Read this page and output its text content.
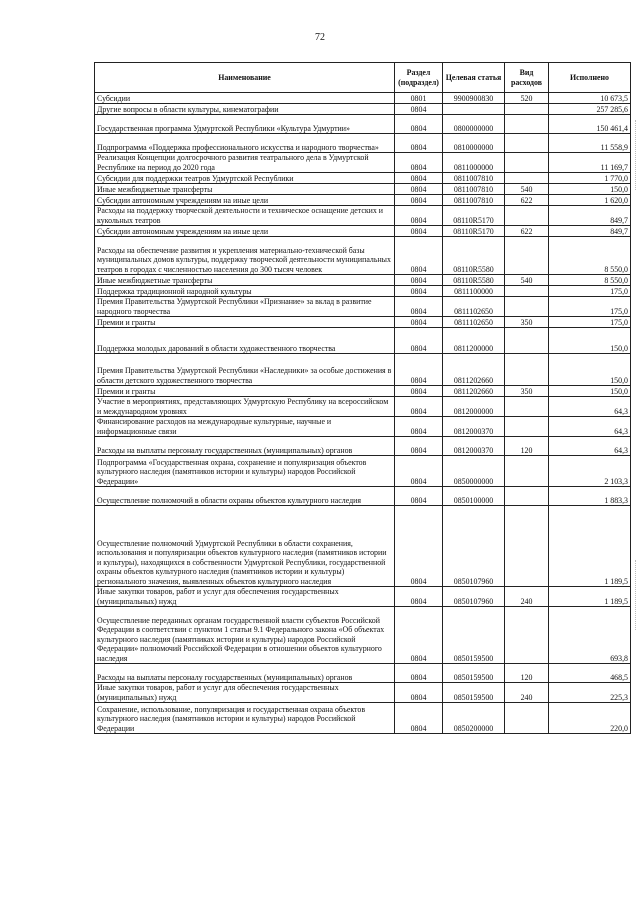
72
Наименование	Раздел (подраздел)	Целевая статья	Вид расходов	Исполнено
Субсидии	0801	9900900830	520	10 673,5
Другие вопросы в области культуры, кинематографии	0804			257 285,6
Государственная программа Удмуртской Республики «Культура Удмуртии»	0804	0800000000		150 461,4
Подпрограмма «Поддержка профессионального искусства и народного творчества»	0804	0810000000		11 558,9
Реализация Концепции долгосрочного развития театрального дела в Удмуртской Республике на период до 2020 года	0804	0811000000		11 169,7
Субсидии для поддержки театров Удмуртской Республики	0804	0811007810		1 770,0
Иные межбюджетные трансферты	0804	0811007810	540	150,0
Субсидии автономным учреждениям на иные цели	0804	0811007810	622	1 620,0
Расходы на поддержку творческой деятельности и техническое оснащение детских и кукольных театров	0804	08110R5170		849,7
Субсидии автономным учреждениям на иные цели	0804	08110R5170	622	849,7
Расходы на обеспечение развития и укрепления материально-технической базы муниципальных домов культуры, поддержку творческой деятельности муниципальных театров в городах с численностью населения до 300 тысяч человек	0804	08110R5580		8 550,0
Иные межбюджетные трансферты	0804	08110R5580	540	8 550,0
Поддержка традиционной народной культуры	0804	0811100000		175,0
Премия Правительства Удмуртской Республики «Признание» за вклад в развитие народного творчества	0804	0811102650		175,0
Премии и гранты	0804	0811102650	350	175,0
Поддержка молодых дарований в области художественного творчества	0804	0811200000		150,0
Премия Правительства Удмуртской Республики «Наследники» за особые достижения в области детского художественного творчества	0804	0811202660		150,0
Премии и гранты	0804	0811202660	350	150,0
Участие в мероприятиях, представляющих Удмуртскую Республику на всероссийском и международном уровнях	0804	0812000000		64,3
Финансирование расходов на международные культурные, научные и информационные связи	0804	0812000370		64,3
Расходы на выплаты персоналу государственных (муниципальных) органов	0804	0812000370	120	64,3
Подпрограмма «Государственная охрана, сохранение и популяризация объектов культурного наследия (памятников истории и культуры) народов Российской Федерации»	0804	0850000000		2 103,3
Осуществление полномочий в области охраны объектов культурного наследия	0804	0850100000		1 883,3
Осуществление полномочий Удмуртской Республики в области сохранения, использования и популяризации объектов культурного наследия (памятников истории и культуры), находящихся в собственности Удмуртской Республики, государственной охраны объектов культурного наследия (памятников истории и культуры) регионального значения, выявленных объектов культурного наследия	0804	0850107960		1 189,5
Иные закупки товаров, работ и услуг для обеспечения государственных (муниципальных) нужд	0804	0850107960	240	1 189,5
Осуществление переданных органам государственной власти субъектов Российской Федерации в соответствии с пунктом 1 статьи 9.1 Федерального закона «Об объектах культурного наследия (памятниках истории и культуры) народов Российской Федерации» полномочий Российской Федерации в отношении объектов культурного наследия	0804	0850159500		693,8
Расходы на выплаты персоналу государственных (муниципальных) органов	0804	0850159500	120	468,5
Иные закупки товаров, работ и услуг для обеспечения государственных (муниципальных) нужд	0804	0850159500	240	225,3
Сохранение, использование, популяризация и государственная охрана объектов культурного наследия (памятников истории и культуры) народов Российской Федерации	0804	0850200000		220,0
